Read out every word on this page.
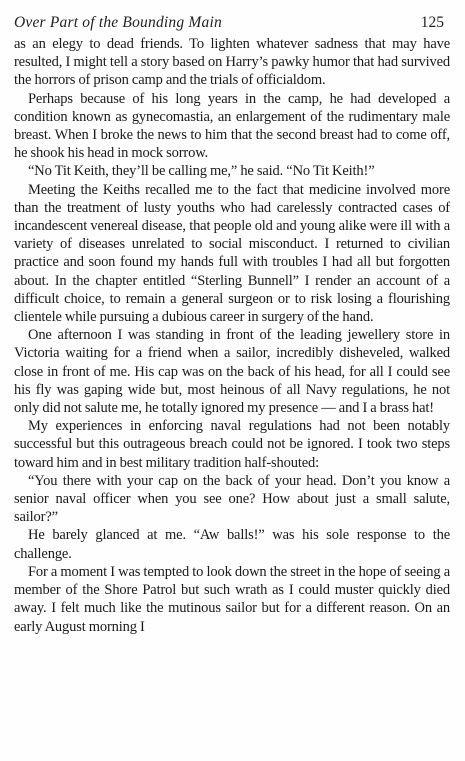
Over Part of the Bounding Main	125

as an elegy to dead friends. To lighten whatever sadness that may have resulted, I might tell a story based on Harry’s pawky humor that had survived the horrors of prison camp and the trials of officialdom.

Perhaps because of his long years in the camp, he had developed a condition known as gynecomastia, an enlargement of the rudimentary male breast. When I broke the news to him that the second breast had to come off, he shook his head in mock sorrow.

“No Tit Keith, they’ll be calling me,” he said. “No Tit Keith!”

Meeting the Keiths recalled me to the fact that medicine involved more than the treatment of lusty youths who had carelessly contracted cases of incandescent venereal disease, that people old and young alike were ill with a variety of diseases unrelated to social misconduct. I returned to civilian practice and soon found my hands full with troubles I had all but forgotten about. In the chapter entitled “Sterling Bunnell” I render an account of a difficult choice, to remain a general surgeon or to risk losing a flourishing clientele while pursuing a dubious career in surgery of the hand.

One afternoon I was standing in front of the leading jewellery store in Victoria waiting for a friend when a sailor, incredibly disheveled, walked close in front of me. His cap was on the back of his head, for all I could see his fly was gaping wide but, most heinous of all Navy regulations, he not only did not salute me, he totally ignored my presence — and I a brass hat!

My experiences in enforcing naval regulations had not been notably successful but this outrageous breach could not be ignored. I took two steps toward him and in best military tradition half-shouted:

“You there with your cap on the back of your head. Don’t you know a senior naval officer when you see one? How about just a small salute, sailor?”

He barely glanced at me. “Aw balls!” was his sole response to the challenge.

For a moment I was tempted to look down the street in the hope of seeing a member of the Shore Patrol but such wrath as I could muster quickly died away. I felt much like the mutinous sailor but for a different reason. On an early August morning I
